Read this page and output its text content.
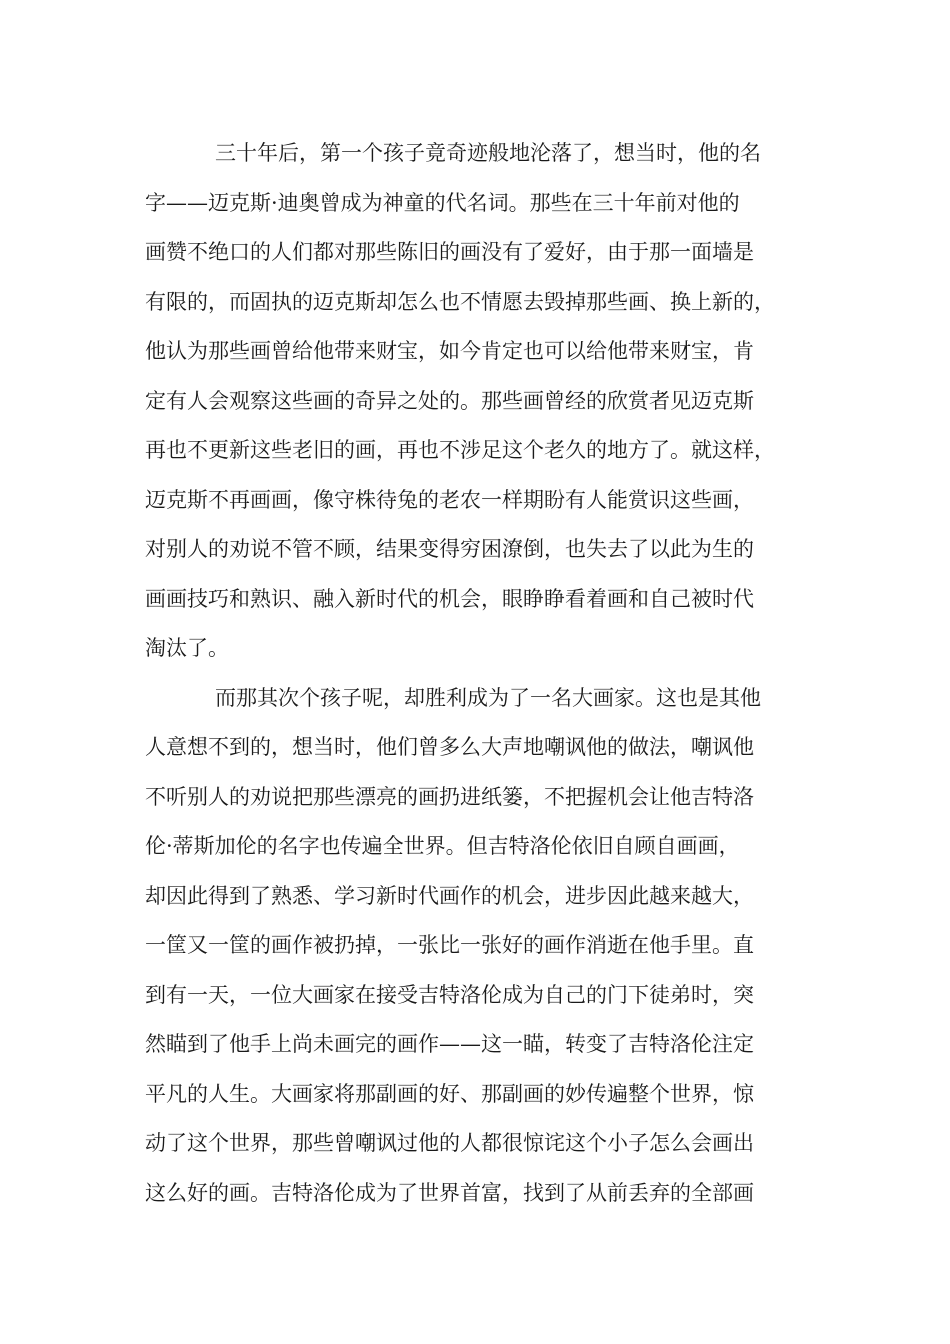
三十年后，第一个孩子竟奇迹般地沦落了，想当时，他的名
字——迈克斯·迪奥曾成为神童的代名词。那些在三十年前对他的
画赞不绝口的人们都对那些陈旧的画没有了爱好，由于那一面墙是
有限的，而固执的迈克斯却怎么也不情愿去毁掉那些画、换上新的，
他认为那些画曾给他带来财宝，如今肯定也可以给他带来财宝，肯
定有人会观察这些画的奇异之处的。那些画曾经的欣赏者见迈克斯
再也不更新这些老旧的画，再也不涉足这个老久的地方了。就这样，
迈克斯不再画画，像守株待兔的老农一样期盼有人能赏识这些画，
对别人的劝说不管不顾，结果变得穷困潦倒，也失去了以此为生的
画画技巧和熟识、融入新时代的机会，眼睁睁看着画和自己被时代
淘汰了。
而那其次个孩子呢，却胜利成为了一名大画家。这也是其他
人意想不到的，想当时，他们曾多么大声地嘲讽他的做法，嘲讽他
不听别人的劝说把那些漂亮的画扔进纸篓，不把握机会让他吉特洛
伦·蒂斯加伦的名字也传遍全世界。但吉特洛伦依旧自顾自画画，
却因此得到了熟悉、学习新时代画作的机会，进步因此越来越大，
一筐又一筐的画作被扔掉，一张比一张好的画作消逝在他手里。直
到有一天，一位大画家在接受吉特洛伦成为自己的门下徒弟时，突
然瞄到了他手上尚未画完的画作——这一瞄，转变了吉特洛伦注定
平凡的人生。大画家将那副画的好、那副画的妙传遍整个世界，惊
动了这个世界，那些曾嘲讽过他的人都很惊诧这个小子怎么会画出
这么好的画。吉特洛伦成为了世界首富，找到了从前丢弃的全部画
